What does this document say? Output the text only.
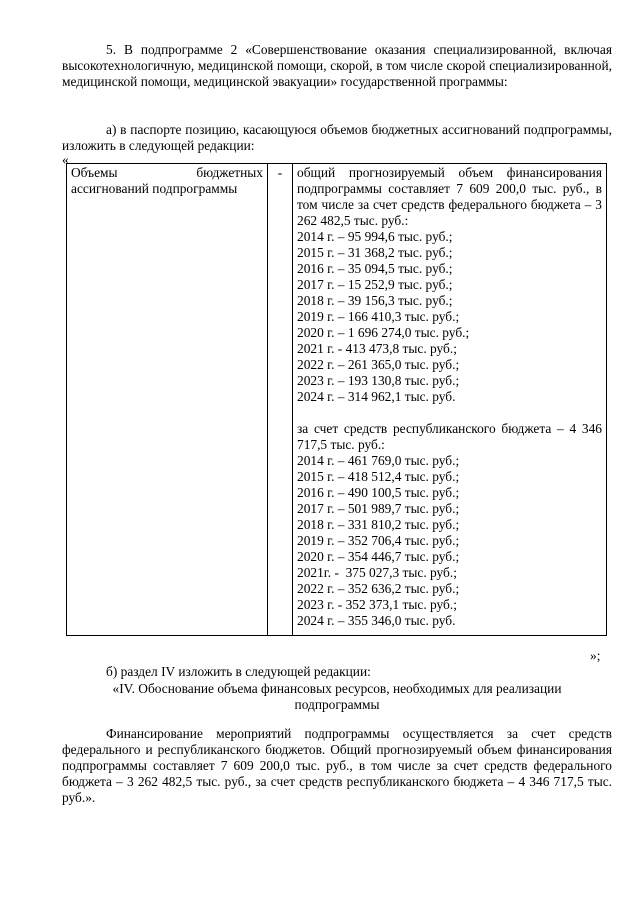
5. В подпрограмме 2 «Совершенствование оказания специализированной, включая высокотехнологичную, медицинской помощи, скорой, в том числе скорой специализированной, медицинской помощи, медицинской эвакуации» государственной программы:

а) в паспорте позицию, касающуюся объемов бюджетных ассигнований подпрограммы, изложить в следующей редакции:

«
Объемы бюджетных ассигнований подпрограммы	-	общий прогнозируемый объем финансирования подпрограммы составляет 7 609 200,0 тыс. руб., в том числе за счет средств федерального бюджета – 3 262 482,5 тыс. руб.:
2014 г. – 95 994,6 тыс. руб.;
2015 г. – 31 368,2 тыс. руб.;
2016 г. – 35 094,5 тыс. руб.;
2017 г. – 15 252,9 тыс. руб.;
2018 г. – 39 156,3 тыс. руб.;
2019 г. – 166 410,3 тыс. руб.;
2020 г. – 1 696 274,0 тыс. руб.;
2021 г. - 413 473,8 тыс. руб.;
2022 г. – 261 365,0 тыс. руб.;
2023 г. – 193 130,8 тыс. руб.;
2024 г. – 314 962,1 тыс. руб.
за счет средств республиканского бюджета – 4 346 717,5 тыс. руб.:
2014 г. – 461 769,0 тыс. руб.;
2015 г. – 418 512,4 тыс. руб.;
2016 г. – 490 100,5 тыс. руб.;
2017 г. – 501 989,7 тыс. руб.;
2018 г. – 331 810,2 тыс. руб.;
2019 г. – 352 706,4 тыс. руб.;
2020 г. – 354 446,7 тыс. руб.;
2021г. -  375 027,3 тыс. руб.;
2022 г. – 352 636,2 тыс. руб.;
2023 г. - 352 373,1 тыс. руб.;
2024 г. – 355 346,0 тыс. руб.
»;

б) раздел IV изложить в следующей редакции:

«IV. Обоснование объема финансовых ресурсов, необходимых для реализации подпрограммы

Финансирование мероприятий подпрограммы осуществляется за счет средств федерального и республиканского бюджетов. Общий прогнозируемый объем финансирования подпрограммы составляет 7 609 200,0 тыс. руб., в том числе за счет средств федерального бюджета – 3 262 482,5 тыс. руб., за счет средств республиканского бюджета – 4 346 717,5 тыс. руб.».
